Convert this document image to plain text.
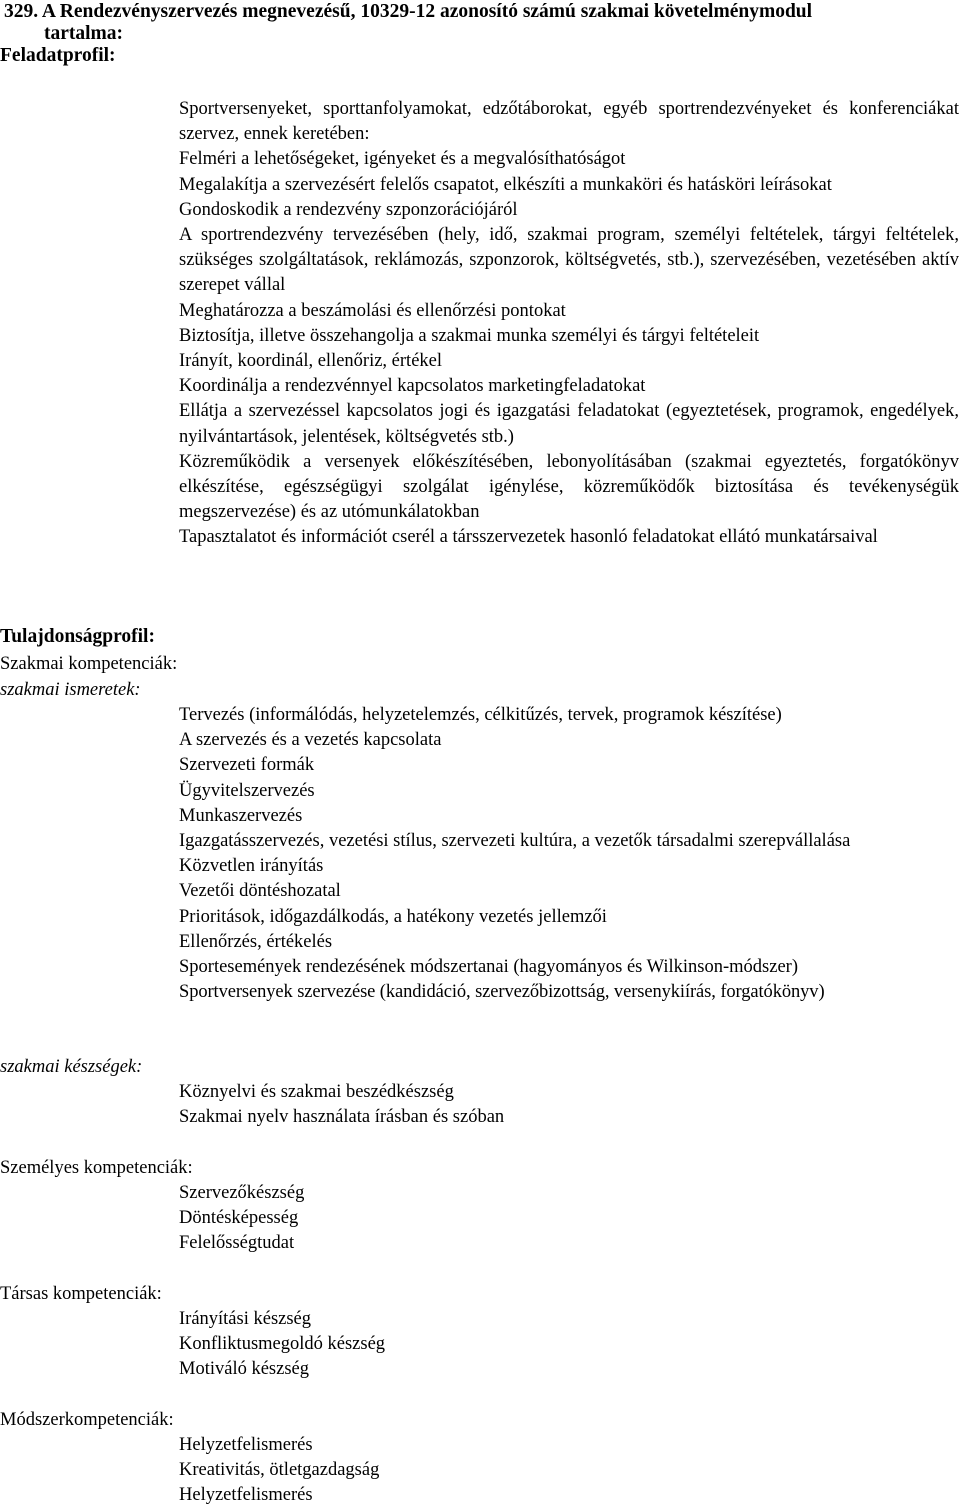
329. A Rendezvényszervezés megnevezésű, 10329-12 azonosító számú szakmai követelménymodul
tartalma:
Feladatprofil:
Sportversenyeket, sporttanfolyamokat, edzőtáborokat, egyéb sportrendezvényeket és konferenciákat szervez, ennek keretében:
Felméri a lehetőségeket, igényeket és a megvalósíthatóságot
Megalakítja a szervezésért felelős csapatot, elkészíti a munkaköri és hatásköri leírásokat
Gondoskodik a rendezvény szponzorációjáról
A sportrendezvény tervezésében (hely, idő, szakmai program, személyi feltételek, tárgyi feltételek, szükséges szolgáltatások, reklámozás, szponzorok, költségvetés, stb.), szervezésében, vezetésében aktív szerepet vállal
Meghatározza a beszámolási és ellenőrzési pontokat
Biztosítja, illetve összehangolja a szakmai munka személyi és tárgyi feltételeit
Irányít, koordinál, ellenőriz, értékel
Koordinálja a rendezvénnyel kapcsolatos marketingfeladatokat
Ellátja a szervezéssel kapcsolatos jogi és igazgatási feladatokat (egyeztetések, programok, engedélyek, nyilvántartások, jelentések, költségvetés stb.)
Közreműködik a versenyek előkészítésében, lebonyolításában (szakmai egyeztetés, forgatókönyv elkészítése, egészségügyi szolgálat igénylése, közreműködők biztosítása és tevékenységük megszervezése) és az utómunkálatokban
Tapasztalatot és információt cserél a társszervezetek hasonló feladatokat ellátó munkatársaival
Tulajdonságprofil:
Szakmai kompetenciák:
szakmai ismeretek:
Tervezés (informálódás, helyzetelemzés, célkitűzés, tervek, programok készítése)
A szervezés és a vezetés kapcsolata
Szervezeti formák
Ügyvitelszervezés
Munkaszervezés
Igazgatásszervezés, vezetési stílus, szervezeti kultúra, a vezetők társadalmi szerepvállalása
Közvetlen irányítás
Vezetői döntéshozatal
Prioritások, időgazdálkodás, a hatékony vezetés jellemzői
Ellenőrzés, értékelés
Sportesemények rendezésének módszertanai (hagyományos és Wilkinson-módszer)
Sportversenyek szervezése (kandidáció, szervezőbizottság, versenykiírás, forgatókönyv)
szakmai készségek:
Köznyelvi és szakmai beszédkészség
Szakmai nyelv használata írásban és szóban
Személyes kompetenciák:
Szervezőkészség
Döntésképesség
Felelősségtudat
Társas kompetenciák:
Irányítási készség
Konfliktusmegoldó készség
Motiváló készség
Módszerkompetenciák:
Helyzetfelismerés
Kreativitás, ötletgazdagság
Helyzetfelismerés
